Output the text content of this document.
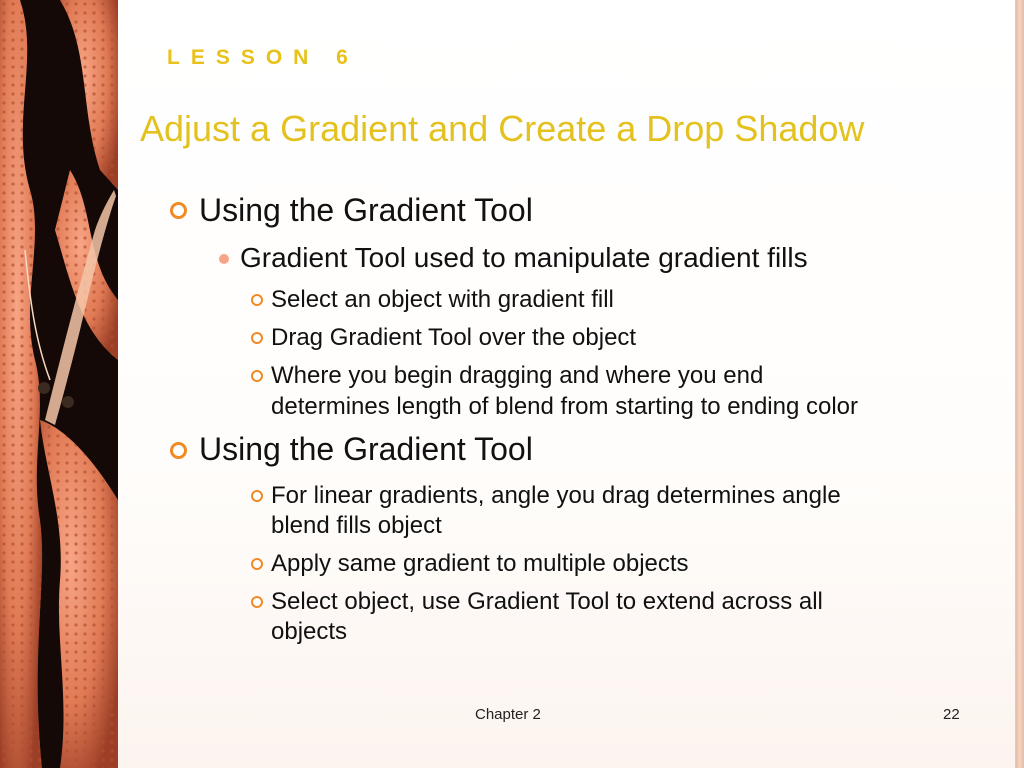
LESSON 6
Adjust a Gradient and Create a Drop Shadow
Using the Gradient Tool
Gradient Tool used to manipulate gradient fills
Select an object with gradient fill
Drag Gradient Tool over the object
Where you begin dragging and where you end
determines length of blend from starting to ending color
Using the Gradient Tool
For linear gradients, angle you drag determines angle
blend fills object
Apply same gradient to multiple objects
Select object, use Gradient Tool to extend across all
objects
Chapter 2	22
